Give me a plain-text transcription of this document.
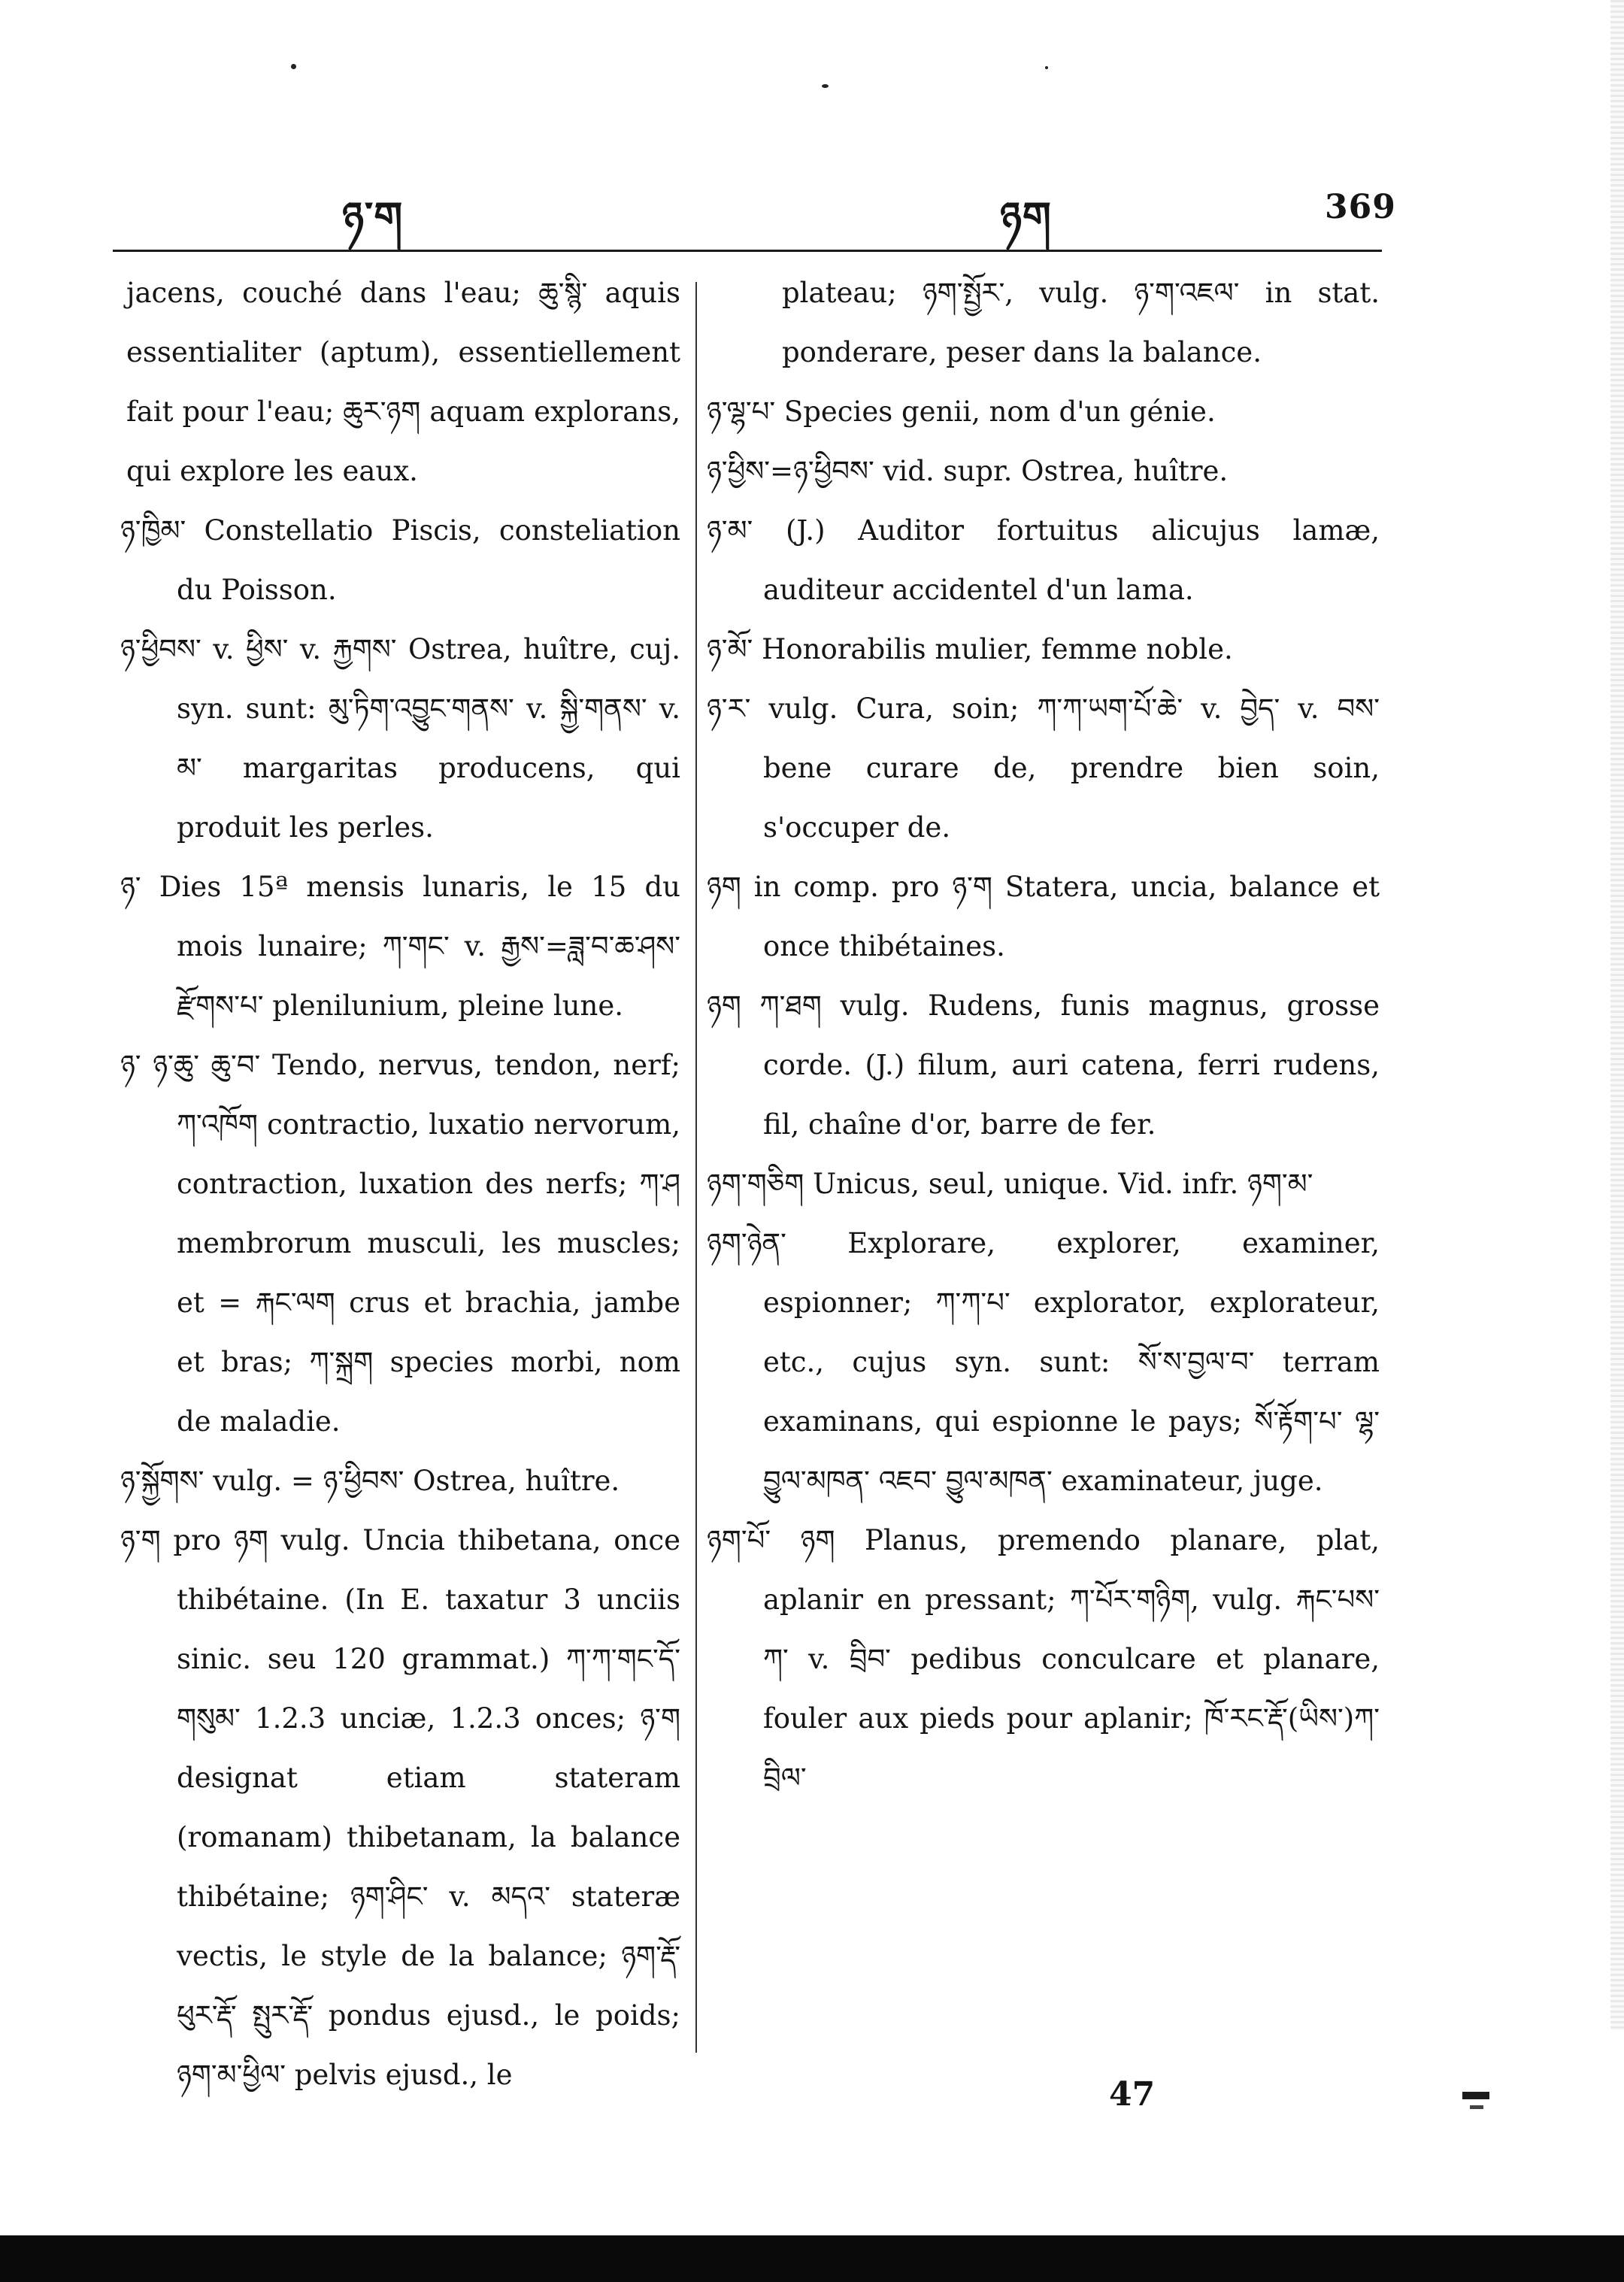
ཉ་ག	ཉག	369

jacens, couché dans l'eau; ཆུ་སྙི་ aquis essentialiter (aptum), essentiellement fait pour l'eau; ཆུར་ཉག aquam explorans, qui explore les eaux.

ཉ་ཁྱིམ་ Constellatio Piscis, consteliation du Poisson.

ཉ་ཕྱིབས་ v. ཕྱིས་ v. རྐྱགས་ Ostrea, huître, cuj. syn. sunt: མུ་ཏིག་འབྱུང་གནས་ v. སྐྱི་གནས་ v. མ་ margaritas producens, qui produit les perles.

ཉ་ Dies 15ª mensis lunaris, le 15 du mois lunaire; ཀ་གང་ v. རྒྱས་=ཟླ་བ་ཆ་ཤས་ རྫོགས་པ་ plenilunium, pleine lune.

ཉ་ ཉ་ཆུ་ ཆུ་བ་ Tendo, nervus, tendon, nerf; ཀ་འཁོག contractio, luxatio nervorum, contraction, luxation des nerfs; ཀ་ཤ membrorum musculi, les muscles; et = རྐང་ལག crus et brachia, jambe et bras; ཀ་སྐྲག species morbi, nom de maladie.

ཉ་སྐྱོགས་ vulg. = ཉ་ཕྱིབས་ Ostrea, huître.

ཉ་ག pro ཉག vulg. Uncia thibetana, once thibétaine. (In E. taxatur 3 unciis sinic. seu 120 grammat.) ཀ་ཀ་གང་དོ་གསུམ་ 1.2.3 unciæ, 1.2.3 onces; ཉ་ག designat etiam stateram (romanam) thibetanam, la balance thibétaine; ཉག་ཤིང་ v. མདའ་ stateræ vectis, le style de la balance; ཉག་རྡོ་ ཕུར་རྡོ་ སྤུར་རྡོ་ pondus ejusd., le poids; ཉག་མ་ཕྱིལ་ pelvis ejusd., le

plateau; ཉག་སྤྱོར་, vulg. ཉ་ག་འཇལ་ in stat. ponderare, peser dans la balance.

ཉ་ལྷ་པ་ Species genii, nom d'un génie.

ཉ་ཕྱིས་=ཉ་ཕྱིབས་ vid. supr. Ostrea, huître.

ཉ་མ་ (J.) Auditor fortuitus alicujus lamæ, auditeur accidentel d'un lama.

ཉ་མོ་ Honorabilis mulier, femme noble.

ཉ་ར་ vulg. Cura, soin; ཀ་ཀ་ཡག་པོ་ཆེ་ v. བྱེད་ v. བས་ bene curare de, prendre bien soin, s'occuper de.

ཉག in comp. pro ཉ་ག Statera, uncia, balance et once thibétaines.

ཉག ཀ་ཐག vulg. Rudens, funis magnus, grosse corde. (J.) filum, auri catena, ferri rudens, fil, chaîne d'or, barre de fer.

ཉག་གཅིག Unicus, seul, unique. Vid. infr. ཉག་མ་

ཉག་ཉེན་ Explorare, explorer, examiner, espionner; ཀ་ཀ་པ་ explorator, explorateur, etc., cujus syn. sunt: སོ་ས་བྱལ་བ་ terram examinans, qui espionne le pays; སོ་རྟོག་པ་ ལྷ་བྱུལ་མཁན་ འཇབ་ བྱུལ་མཁན་ examinateur, juge.

ཉག་པོ་ ཉག Planus, premendo planare, plat, aplanir en pressant; ཀ་པོར་གཉིག, vulg. རྐང་པས་ཀ་ v. བྲིབ་ pedibus conculcare et planare, fouler aux pieds pour aplanir; ཁོ་རང་རྡོ་(ཡིས་)ཀ་བྲིལ་

47
